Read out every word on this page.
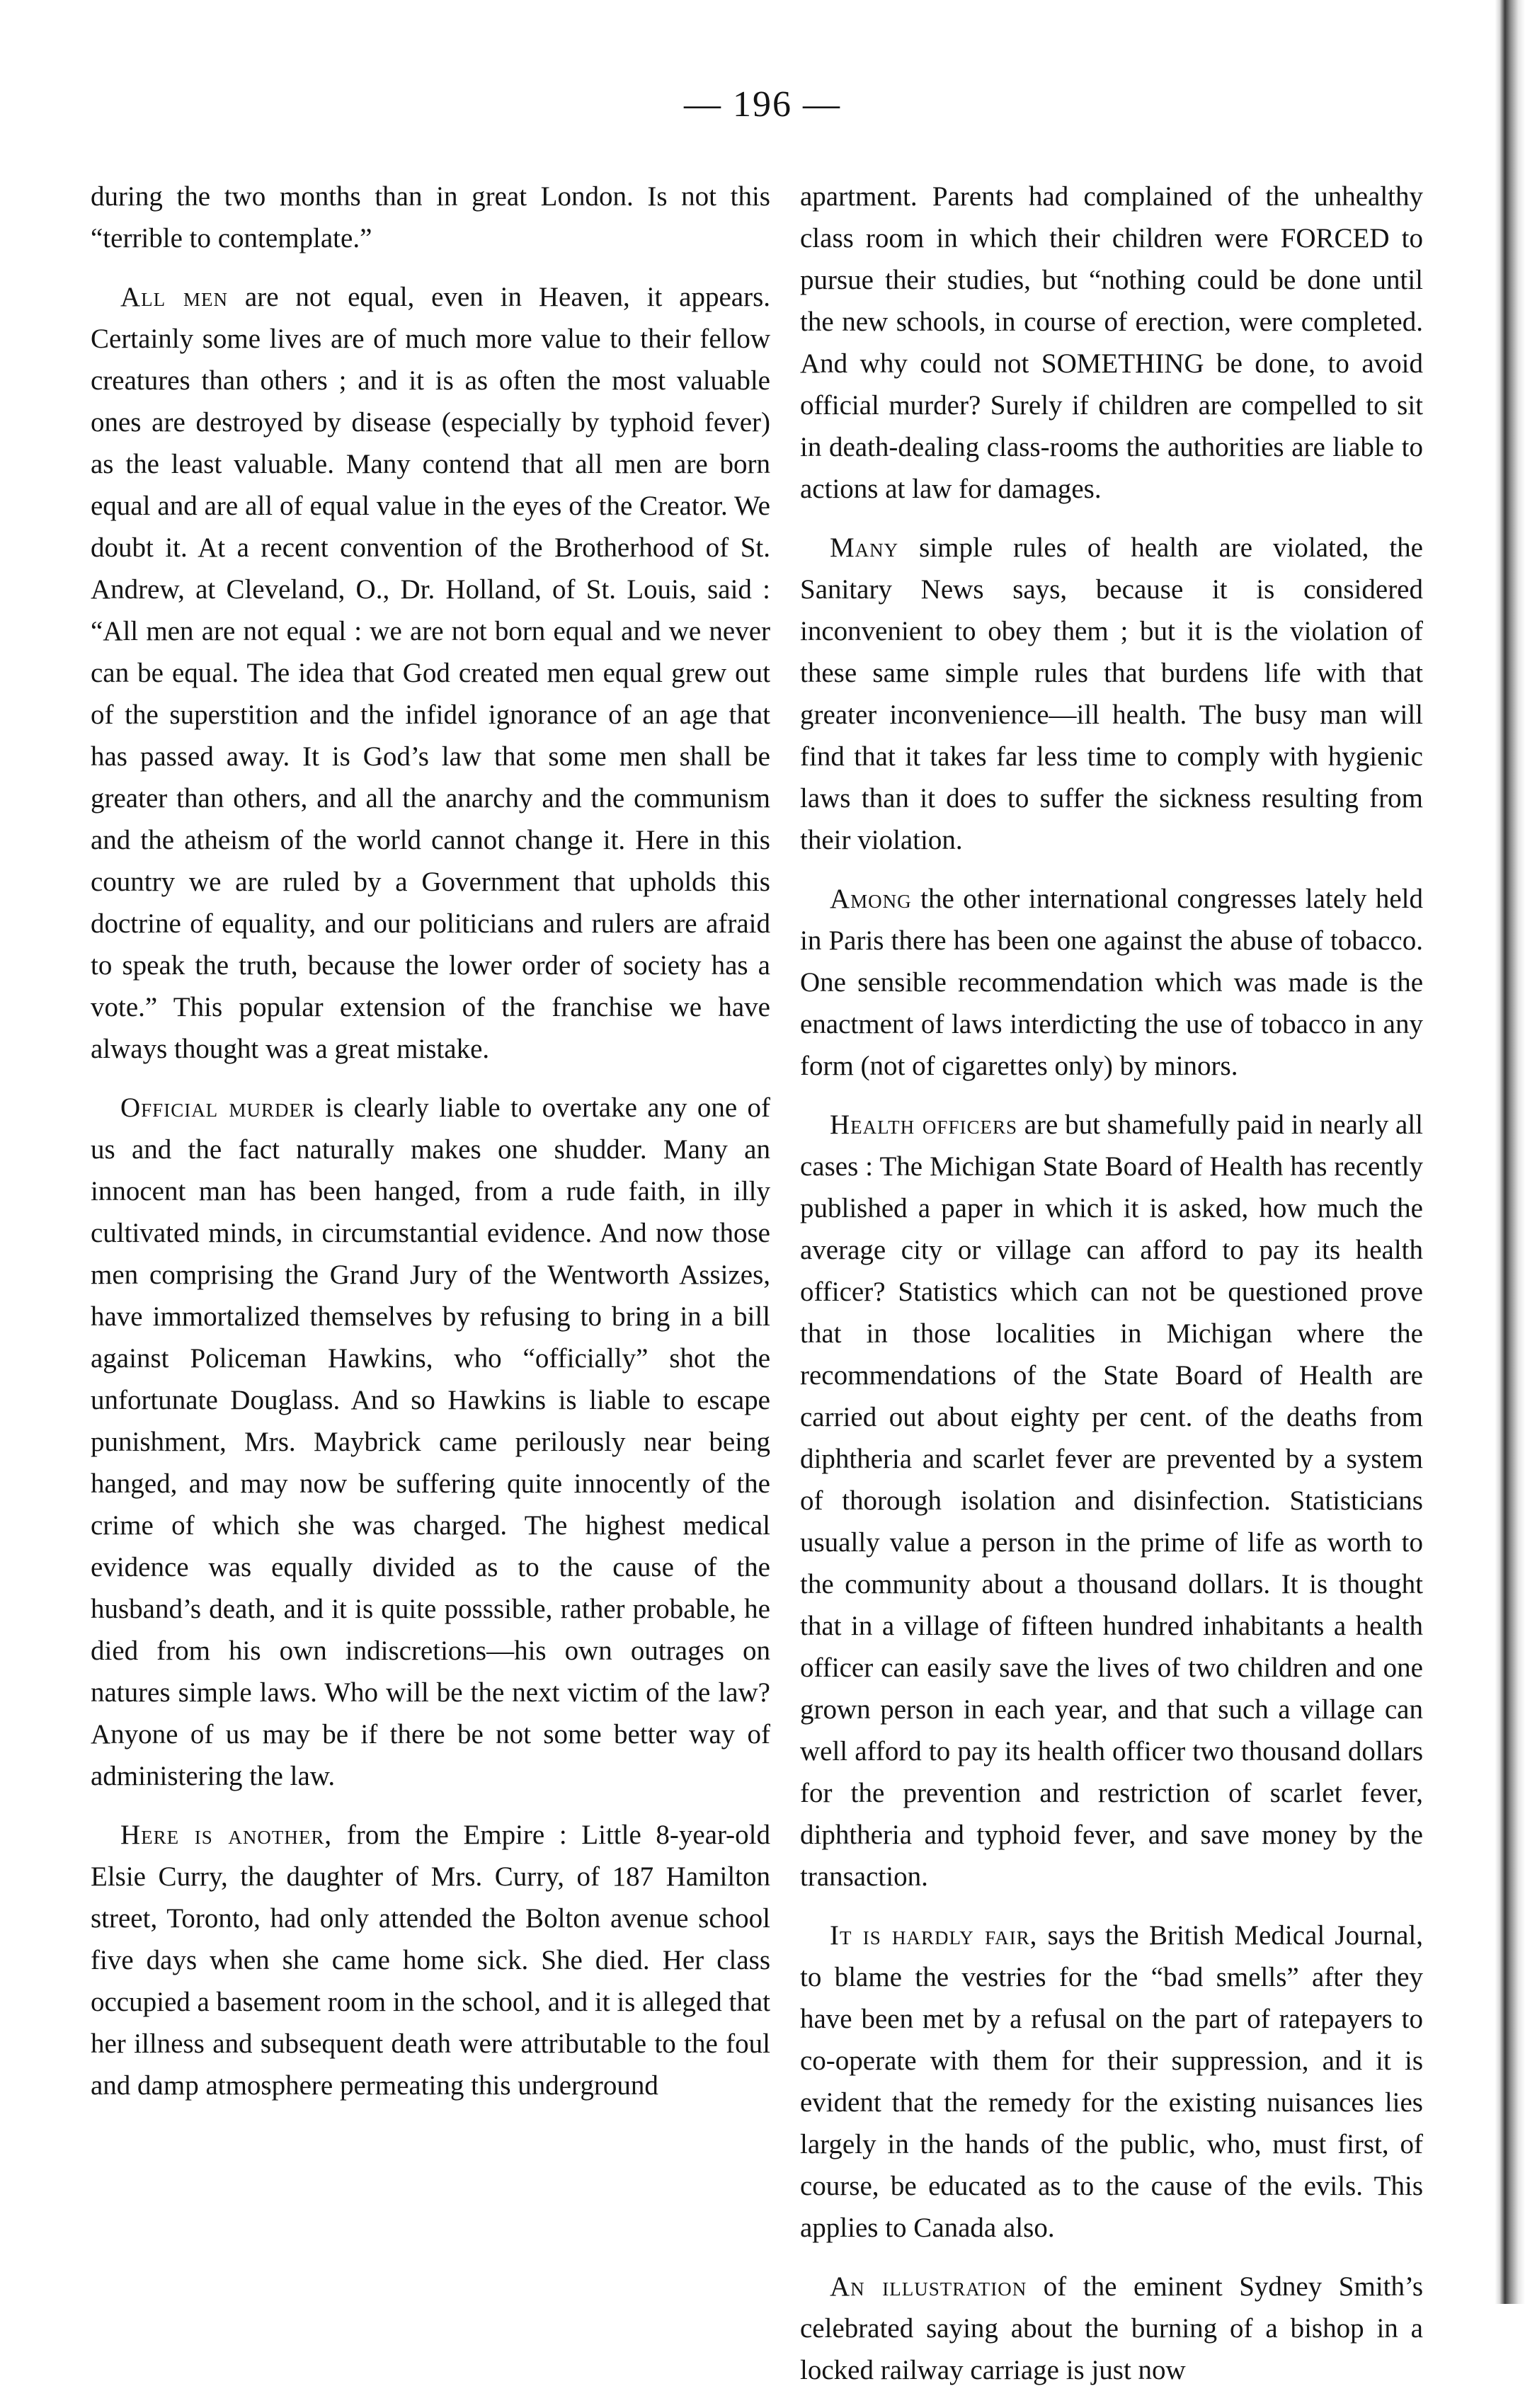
— 196 —

during the two months than in great London. Is not this “terrible to contemplate.”

All men are not equal, even in Heaven, it appears. Certainly some lives are of much more value to their fellow creatures than others ; and it is as often the most valuable ones are destroyed by disease (especially by typhoid fever) as the least valuable. Many contend that all men are born equal and are all of equal value in the eyes of the Creator. We doubt it. At a recent convention of the Brotherhood of St. Andrew, at Cleveland, O., Dr. Holland, of St. Louis, said : “All men are not equal : we are not born equal and we never can be equal. The idea that God created men equal grew out of the superstition and the infidel ignorance of an age that has passed away. It is God’s law that some men shall be greater than others, and all the anarchy and the communism and the atheism of the world cannot change it. Here in this country we are ruled by a Government that upholds this doctrine of equality, and our politicians and rulers are afraid to speak the truth, because the lower order of society has a vote.” This popular extension of the franchise we have always thought was a great mistake.

Official murder is clearly liable to overtake any one of us and the fact naturally makes one shudder. Many an innocent man has been hanged, from a rude faith, in illy cultivated minds, in circumstantial evidence. And now those men comprising the Grand Jury of the Wentworth Assizes, have immortalized themselves by refusing to bring in a bill against Policeman Hawkins, who “officially” shot the unfortunate Douglass. And so Hawkins is liable to escape punishment, Mrs. Maybrick came perilously near being hanged, and may now be suffering quite innocently of the crime of which she was charged. The highest medical evidence was equally divided as to the cause of the husband’s death, and it is quite posssible, rather probable, he died from his own indiscretions—his own outrages on natures simple laws. Who will be the next victim of the law? Anyone of us may be if there be not some better way of administering the law.

Here is another, from the Empire : Little 8-year-old Elsie Curry, the daughter of Mrs. Curry, of 187 Hamilton street, Toronto, had only attended the Bolton avenue school five days when she came home sick. She died. Her class occupied a basement room in the school, and it is alleged that her illness and subsequent death were attributable to the foul and damp atmosphere permeating this underground

apartment. Parents had complained of the unhealthy class room in which their children were FORCED to pursue their studies, but “nothing could be done until the new schools, in course of erection, were completed. And why could not SOMETHING be done, to avoid official murder? Surely if children are compelled to sit in death-dealing class-rooms the authorities are liable to actions at law for damages.

Many simple rules of health are violated, the Sanitary News says, because it is considered inconvenient to obey them ; but it is the violation of these same simple rules that burdens life with that greater inconvenience—ill health. The busy man will find that it takes far less time to comply with hygienic laws than it does to suffer the sickness resulting from their violation.

Among the other international congresses lately held in Paris there has been one against the abuse of tobacco. One sensible recommendation which was made is the enactment of laws interdicting the use of tobacco in any form (not of cigarettes only) by minors.

Health officers are but shamefully paid in nearly all cases : The Michigan State Board of Health has recently published a paper in which it is asked, how much the average city or village can afford to pay its health officer? Statistics which can not be questioned prove that in those localities in Michigan where the recommendations of the State Board of Health are carried out about eighty per cent. of the deaths from diphtheria and scarlet fever are prevented by a system of thorough isolation and disinfection. Statisticians usually value a person in the prime of life as worth to the community about a thousand dollars. It is thought that in a village of fifteen hundred inhabitants a health officer can easily save the lives of two children and one grown person in each year, and that such a village can well afford to pay its health officer two thousand dollars for the prevention and restriction of scarlet fever, diphtheria and typhoid fever, and save money by the transaction.

It is hardly fair, says the British Medical Journal, to blame the vestries for the “bad smells” after they have been met by a refusal on the part of ratepayers to co-operate with them for their suppression, and it is evident that the remedy for the existing nuisances lies largely in the hands of the public, who, must first, of course, be educated as to the cause of the evils. This applies to Canada also.

An illustration of the eminent Sydney Smith’s celebrated saying about the burning of a bishop in a locked railway carriage is just now
